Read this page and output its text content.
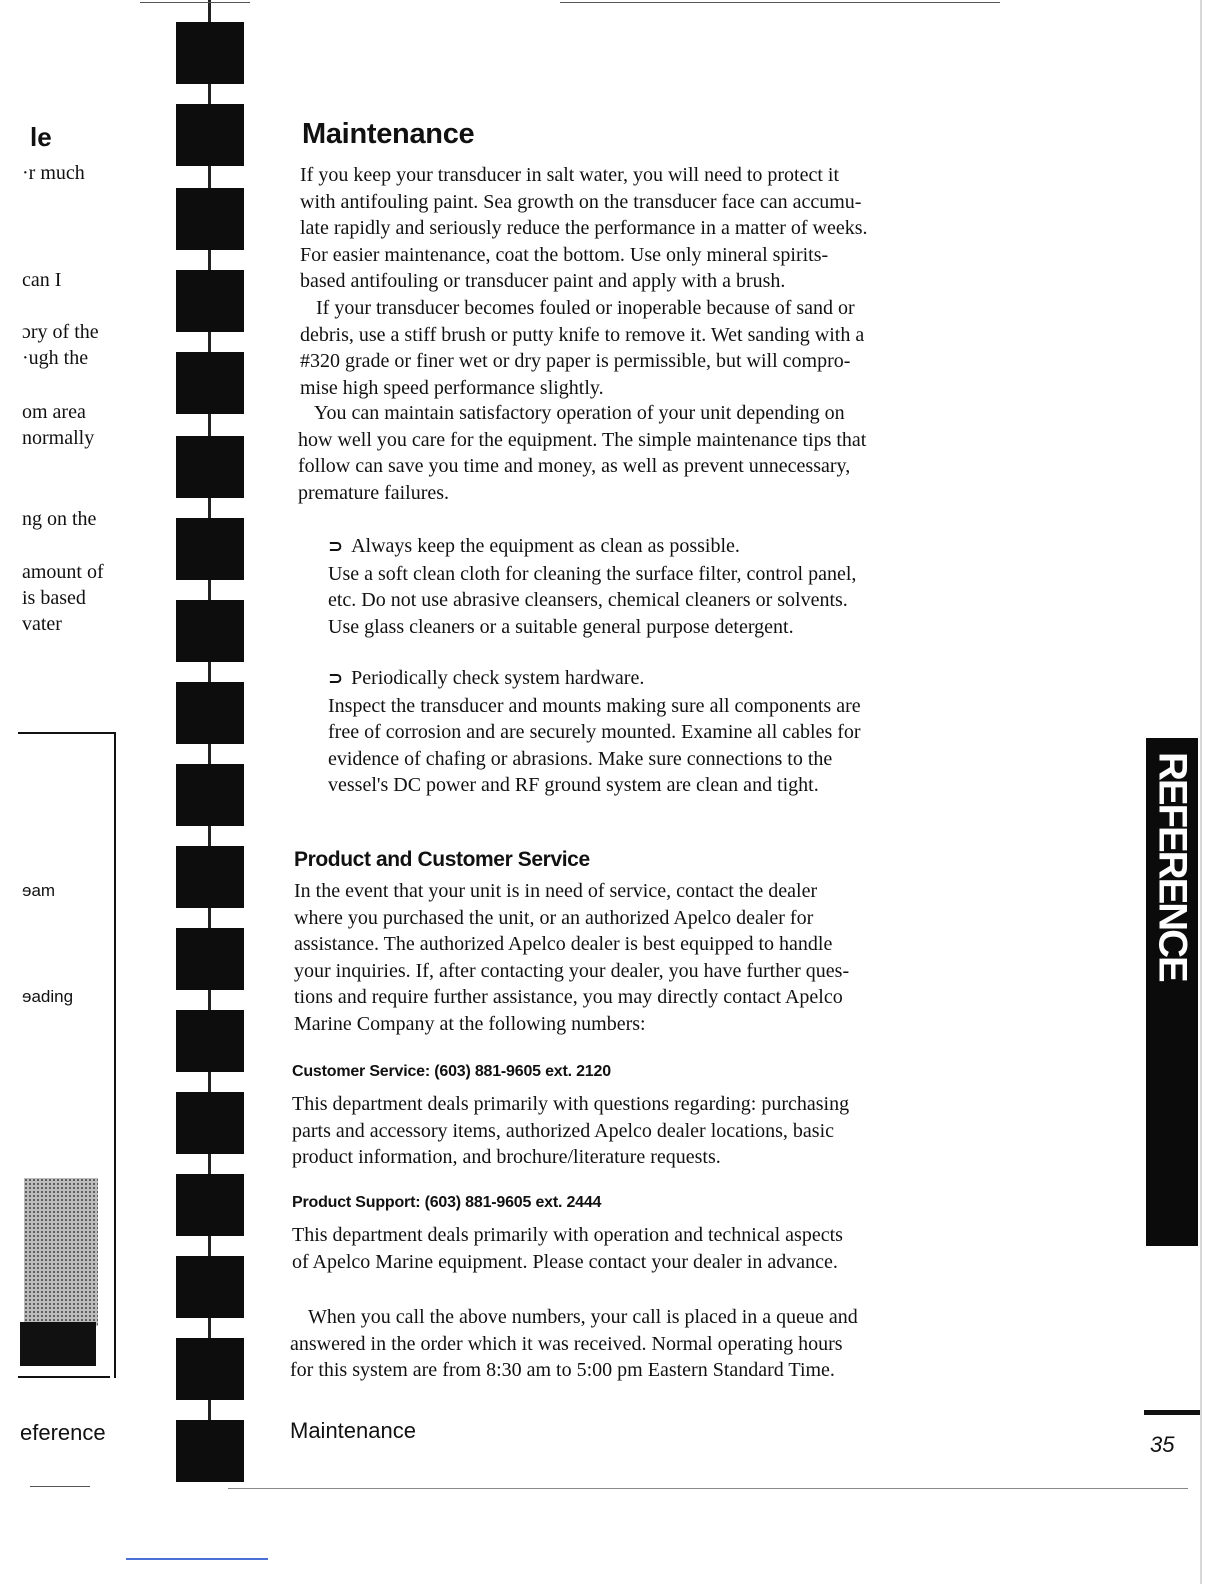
le
·r much
can I
ɔry of the
·ugh the
om area
normally
ng on the
amount of
is based
vater
ɘam
ɘading
eference
Maintenance
If you keep your transducer in salt water, you will need to protect it
with antifouling paint. Sea growth on the transducer face can accumu-
late rapidly and seriously reduce the performance in a matter of weeks.
For easier maintenance, coat the bottom. Use only mineral spirits-
based antifouling or transducer paint and apply with a brush.
If your transducer becomes fouled or inoperable because of sand or
debris, use a stiff brush or putty knife to remove it. Wet sanding with a
#320 grade or finer wet or dry paper is permissible, but will compro-
mise high speed performance slightly.
You can maintain satisfactory operation of your unit depending on
how well you care for the equipment. The simple maintenance tips that
follow can save you time and money, as well as prevent unnecessary,
premature failures.
⊃ Always keep the equipment as clean as possible.
Use a soft clean cloth for cleaning the surface filter, control panel,
etc. Do not use abrasive cleansers, chemical cleaners or solvents.
Use glass cleaners or a suitable general purpose detergent.
⊃ Periodically check system hardware.
Inspect the transducer and mounts making sure all components are
free of corrosion and are securely mounted. Examine all cables for
evidence of chafing or abrasions. Make sure connections to the
vessel's DC power and RF ground system are clean and tight.
Product and Customer Service
In the event that your unit is in need of service, contact the dealer
where you purchased the unit, or an authorized Apelco dealer for
assistance. The authorized Apelco dealer is best equipped to handle
your inquiries. If, after contacting your dealer, you have further ques-
tions and require further assistance, you may directly contact Apelco
Marine Company at the following numbers:
Customer Service: (603) 881-9605 ext. 2120
This department deals primarily with questions regarding: purchasing
parts and accessory items, authorized Apelco dealer locations, basic
product information, and brochure/literature requests.
Product Support: (603) 881-9605 ext. 2444
This department deals primarily with operation and technical aspects
of Apelco Marine equipment. Please contact your dealer in advance.
When you call the above numbers, your call is placed in a queue and
answered in the order which it was received. Normal operating hours
for this system are from 8:30 am to 5:00 pm Eastern Standard Time.
Maintenance
35
REFERENCE
